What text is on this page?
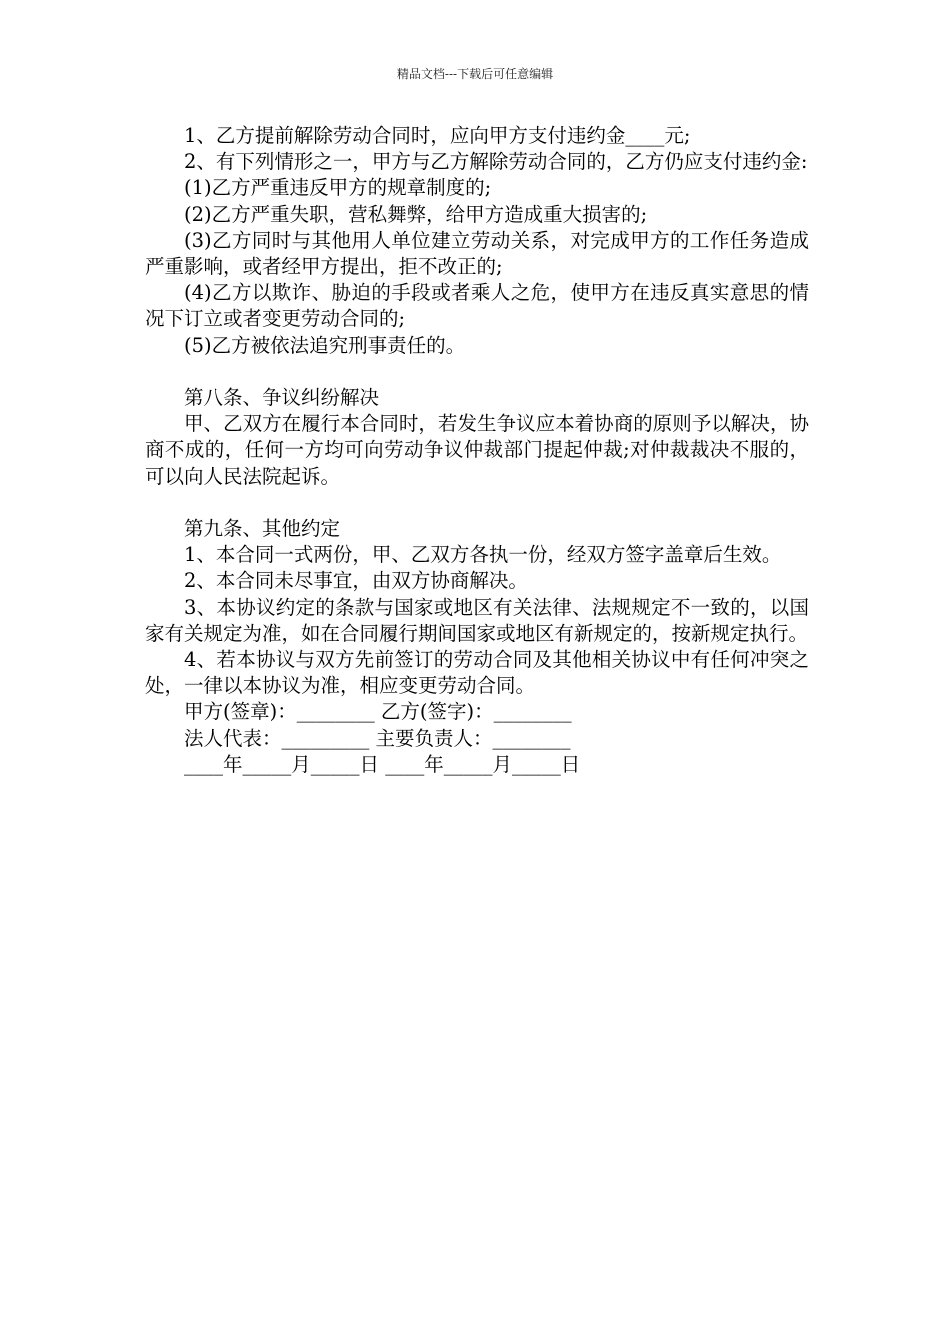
精品文档---下载后可任意编辑

1、乙方提前解除劳动合同时，应向甲方支付违约金____元;

2、有下列情形之一，甲方与乙方解除劳动合同的，乙方仍应支付违约金:

(1)乙方严重违反甲方的规章制度的;

(2)乙方严重失职，营私舞弊，给甲方造成重大损害的;

(3)乙方同时与其他用人单位建立劳动关系，对完成甲方的工作任务造成严重影响，或者经甲方提出，拒不改正的;

(4)乙方以欺诈、胁迫的手段或者乘人之危，使甲方在违反真实意思的情况下订立或者变更劳动合同的;

(5)乙方被依法追究刑事责任的。

第八条、争议纠纷解决

甲、乙双方在履行本合同时，若发生争议应本着协商的原则予以解决，协商不成的，任何一方均可向劳动争议仲裁部门提起仲裁;对仲裁裁决不服的，可以向人民法院起诉。

第九条、其他约定

1、本合同一式两份，甲、乙双方各执一份，经双方签字盖章后生效。

2、本合同未尽事宜，由双方协商解决。

3、本协议约定的条款与国家或地区有关法律、法规规定不一致的，以国家有关规定为准，如在合同履行期间国家或地区有新规定的，按新规定执行。

4、若本协议与双方先前签订的劳动合同及其他相关协议中有任何冲突之处，一律以本协议为准，相应变更劳动合同。

甲方(签章)：________ 乙方(签字)：________

法人代表：_________ 主要负责人：________

____年_____月_____日 ____年_____月_____日
